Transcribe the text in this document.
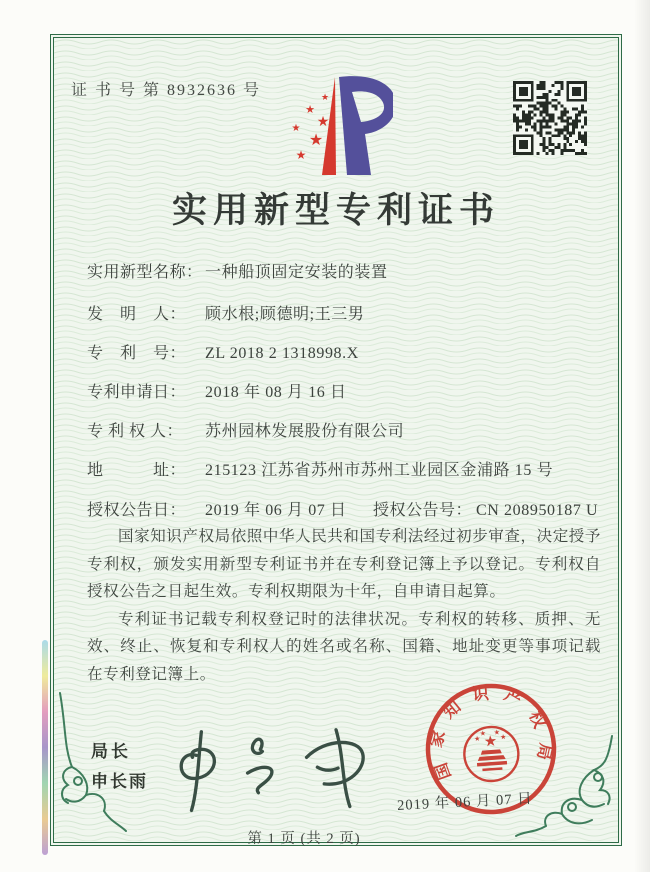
证 书 号 第 8932636 号	★
★
★
★
★
★
实用新型专利证书
实用新型名称： 一种船顶固定安装的装置
发　明　人： 顾水根;顾德明;王三男
专　利　号： ZL 2018 2 1318998.X
专利申请日： 2018 年 08 月 16 日
专 利 权 人： 苏州园林发展股份有限公司
地　　　址： 215123 江苏省苏州市苏州工业园区金浦路 15 号
授权公告日： 2019 年 06 月 07 日 授权公告号： CN 208950187 U

国家知识产权局依照中华人民共和国专利法经过初步审查，决定授予专利权，颁发实用新型专利证书并在专利登记簿上予以登记。专利权自授权公告之日起生效。专利权期限为十年，自申请日起算。

专利证书记载专利权登记时的法律状况。专利权的转移、质押、无效、终止、恢复和专利权人的姓名或名称、国籍、地址变更等事项记载在专利登记簿上。

局长
申长雨	国家知识产权局
★
★
★ ★
★
2019 年 06 月 07 日
第 1 页 (共 2 页)
